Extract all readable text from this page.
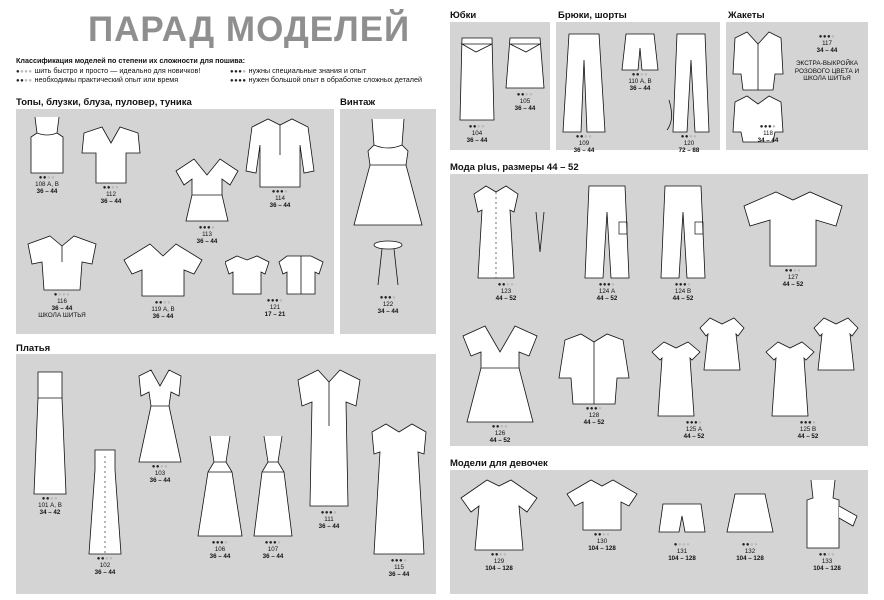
ПАРАД МОДЕЛЕЙ
Классификация моделей по степени их сложности для пошива:
●●●● шить быстро и просто — идеально для новичков!
●●●● необходимы практический опыт или время
●●●● нужны специальные знания и опыт
●●●● нужен большой опыт в обработке сложных деталей
Топы, блузки, блуза, пуловер, туника	Винтаж
Платья
Юбки	Брюки, шорты	Жакеты
Мода plus, размеры 44 – 52
Модели для девочек
●●●●
108 А, В
36 – 44
●●●●
112
36 – 44
●●●●
113
36 – 44
●●●●
114
36 – 44
●●●●
116
36 – 44
ШКОЛА ШИТЬЯ
●●●●
119 А, В
36 – 44
●●●●
121
17 – 21
●●●●
122
34 – 44
●●●●
101 А, В
34 – 42
●●●●
102
36 – 44
●●●●
103
36 – 44
●●●●
106
36 – 44
●●●●
107
36 – 44
●●●●
111
36 – 44
●●●●
115
36 – 44
●●●●
104
36 – 44
●●●●
105
36 – 44
●●●●
109
36 – 44
●●●●
110 А, В
36 – 44
●●●●
120
72 – 88
●●●●
117
34 – 44
ЭКСТРА-ВЫКРОЙКА РОЗОВОГО ЦВЕТА И ШКОЛА ШИТЬЯ
●●●●
118
34 – 44
●●●●
123
44 – 52
●●●●
124 А
44 – 52
●●●●
124 В
44 – 52
●●●●
127
44 – 52
●●●●
126
44 – 52
●●●●
128
44 – 52	●●●●
125 А
44 – 52
●●●●
125 В
44 – 52
●●●●
129
104 – 128
●●●●
130
104 – 128
●●●●
131
104 – 128
●●●●
132
104 – 128
●●●●
133
104 – 128
